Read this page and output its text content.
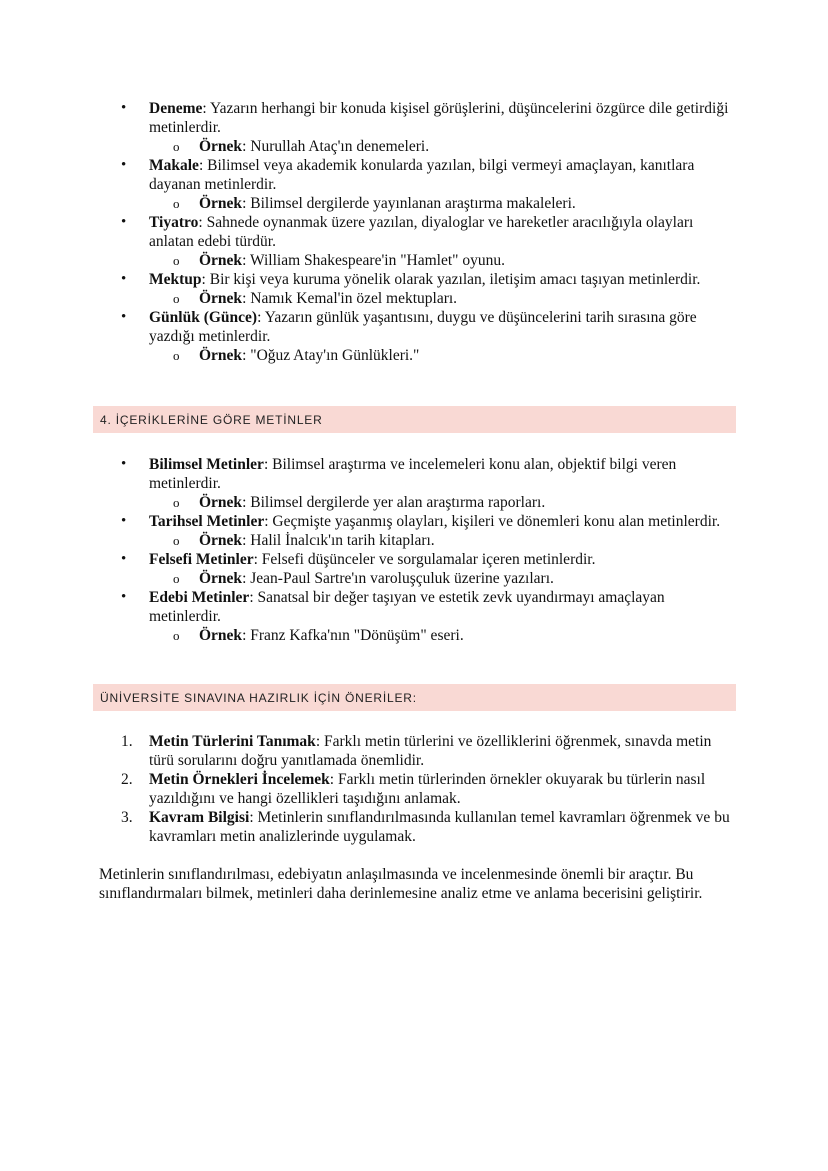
• Deneme: Yazarın herhangi bir konuda kişisel görüşlerini, düşüncelerini özgürce dile getirdiği metinlerdir.
o Örnek: Nurullah Ataç'ın denemeleri.
• Makale: Bilimsel veya akademik konularda yazılan, bilgi vermeyi amaçlayan, kanıtlara dayanan metinlerdir.
o Örnek: Bilimsel dergilerde yayınlanan araştırma makaleleri.
• Tiyatro: Sahnede oynanmak üzere yazılan, diyaloglar ve hareketler aracılığıyla olayları anlatan edebi türdür.
o Örnek: William Shakespeare'in "Hamlet" oyunu.
• Mektup: Bir kişi veya kuruma yönelik olarak yazılan, iletişim amacı taşıyan metinlerdir.
o Örnek: Namık Kemal'in özel mektupları.
• Günlük (Günce): Yazarın günlük yaşantısını, duygu ve düşüncelerini tarih sırasına göre yazdığı metinlerdir.
o Örnek: "Oğuz Atay'ın Günlükleri."
4. İÇERİKLERİNE GÖRE METİNLER
• Bilimsel Metinler: Bilimsel araştırma ve incelemeleri konu alan, objektif bilgi veren metinlerdir.
o Örnek: Bilimsel dergilerde yer alan araştırma raporları.
• Tarihsel Metinler: Geçmişte yaşanmış olayları, kişileri ve dönemleri konu alan metinlerdir.
o Örnek: Halil İnalcık'ın tarih kitapları.
• Felsefi Metinler: Felsefi düşünceler ve sorgulamalar içeren metinlerdir.
o Örnek: Jean-Paul Sartre'ın varoluşçuluk üzerine yazıları.
• Edebi Metinler: Sanatsal bir değer taşıyan ve estetik zevk uyandırmayı amaçlayan metinlerdir.
o Örnek: Franz Kafka'nın "Dönüşüm" eseri.
ÜNİVERSİTE SINAVINA HAZIRLIK İÇİN ÖNERİLER:
1. Metin Türlerini Tanımak: Farklı metin türlerini ve özelliklerini öğrenmek, sınavda metin türü sorularını doğru yanıtlamada önemlidir.
2. Metin Örnekleri İncelemek: Farklı metin türlerinden örnekler okuyarak bu türlerin nasıl yazıldığını ve hangi özellikleri taşıdığını anlamak.
3. Kavram Bilgisi: Metinlerin sınıflandırılmasında kullanılan temel kavramları öğrenmek ve bu kavramları metin analizlerinde uygulamak.

Metinlerin sınıflandırılması, edebiyatın anlaşılmasında ve incelenmesinde önemli bir araçtır. Bu sınıflandırmaları bilmek, metinleri daha derinlemesine analiz etme ve anlama becerisini geliştirir.
